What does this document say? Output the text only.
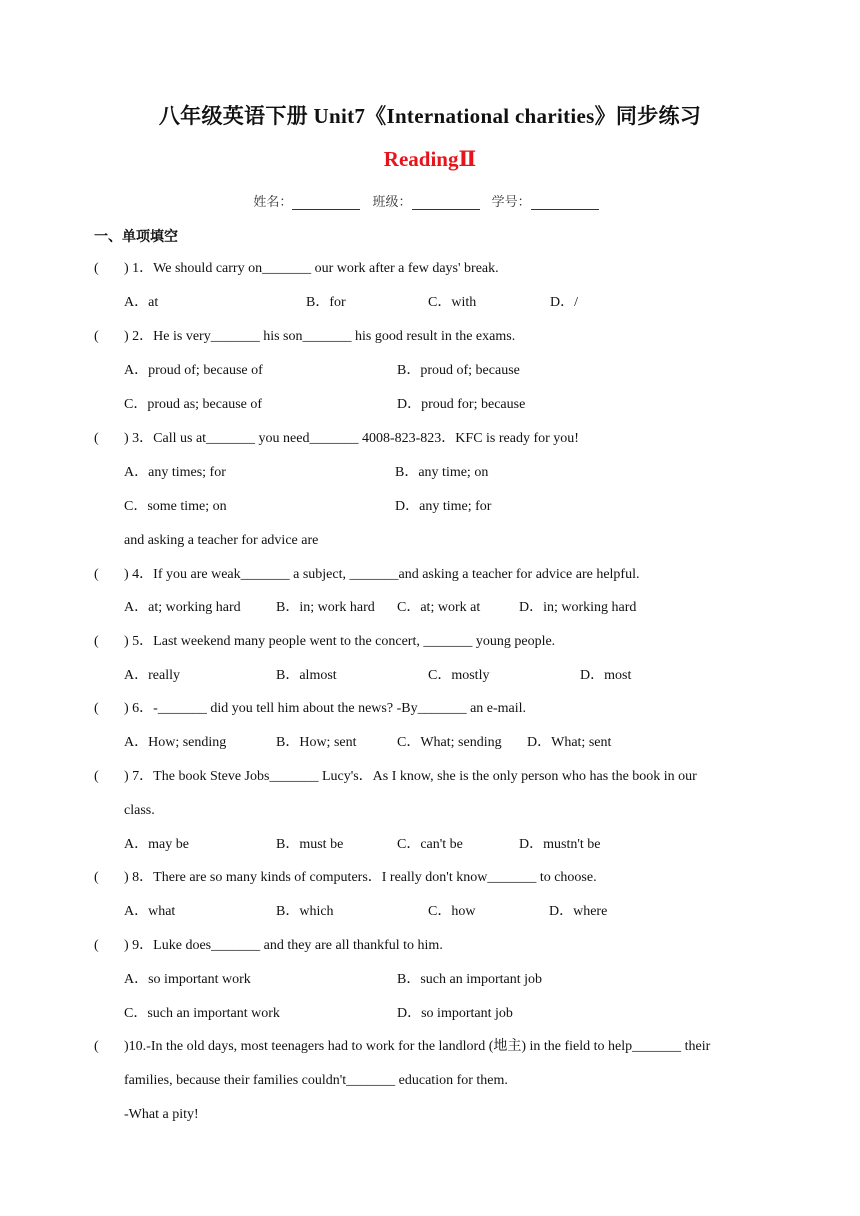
八年级英语下册 Unit7《International charities》同步练习
ReadingⅡ
姓名：	班级：	学号：
一、单项填空
( ) 1．We should carry on_______ our work after a few days' break.
A．at	B．for	C．with	D．/
( ) 2．He is very_______ his son_______ his good result in the exams.
A．proud of; because of	B．proud of; because
C．proud as; because of	D．proud for; because
( ) 3．Call us at_______ you need_______ 4008-823-823．KFC is ready for you!
A．any times; for	B．any time; on
C．some time; on	D．any time; for
and asking a teacher for advice are
( ) 4．If you are weak_______ a subject, _______and asking a teacher for advice are helpful.
A．at; working hard	B．in; work hard C．at; work at	D．in; working hard
( ) 5．Last weekend many people went to the concert, _______ young people.
A．really	B．almost	C．mostly	D．most
( ) 6．-_______ did you tell him about the news? -By_______ an e-mail.
A．How; sending	B．How; sent	C．What; sending D．What; sent
( ) 7．The book Steve Jobs_______ Lucy's．As I know, she is the only person who has the book in our
class.
A．may be	B．must be	C．can't be	D．mustn't be
( ) 8．There are so many kinds of computers．I really don't know_______ to choose.
A．what	B．which	C．how	D．where
( ) 9．Luke does_______ and they are all thankful to him.
A．so important work	B．such an important job
C．such an important work	D．so important job
( )10.-In the old days, most teenagers had to work for the landlord (地主) in the field to help_______ their
families, because their families couldn't_______ education for them.
-What a pity!
